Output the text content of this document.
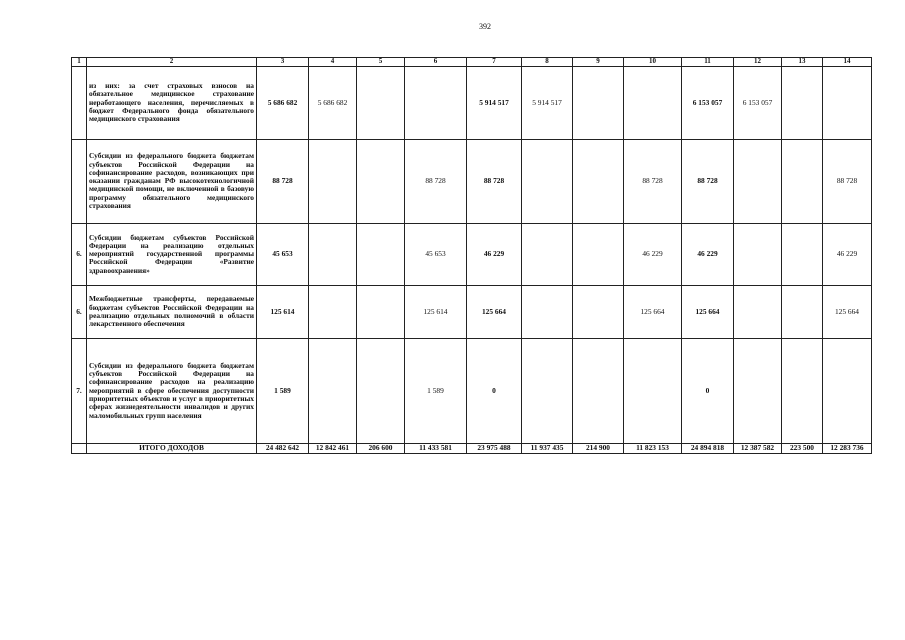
392
1	2	3	4	5	6	7	8	9	10	11	12	13	14
	из них: за счет страховых взносов на обязательное медицинское страхование неработающего населения, перечисляемых в бюджет Федерального фонда обязательного медицинского страхования	5 686 682	5 686 682			5 914 517	5 914 517			6 153 057	6 153 057		
	Субсидии из федерального бюджета бюджетам субъектов Российской Федерации на софинансирование расходов, возникающих при оказании гражданам РФ высокотехнологичной медицинской помощи, не включенной в базовую программу обязательного медицинского страхования	88 728			88 728	88 728			88 728	88 728			88 728
6.	Субсидии бюджетам субъектов Российской Федерации на реализацию отдельных мероприятий государственной программы Российской Федерации «Развитие здравоохранения»	45 653			45 653	46 229			46 229	46 229			46 229
6.	Межбюджетные трансферты, передаваемые бюджетам субъектов Российской Федерации на реализацию отдельных полномочий в области лекарственного обеспечения	125 614			125 614	125 664			125 664	125 664			125 664
7.	Субсидии из федерального бюджета бюджетам субъектов Российской Федерации на софинансирование расходов на реализацию мероприятий в сфере обеспечения доступности приоритетных объектов и услуг в приоритетных сферах жизнедеятельности инвалидов и других маломобильных групп населения	1 589			1 589	0				0			
	ИТОГО ДОХОДОВ	24 482 642	12 842 461	206 600	11 433 581	23 975 488	11 937 435	214 900	11 823 153	24 894 818	12 387 582	223 500	12 283 736
